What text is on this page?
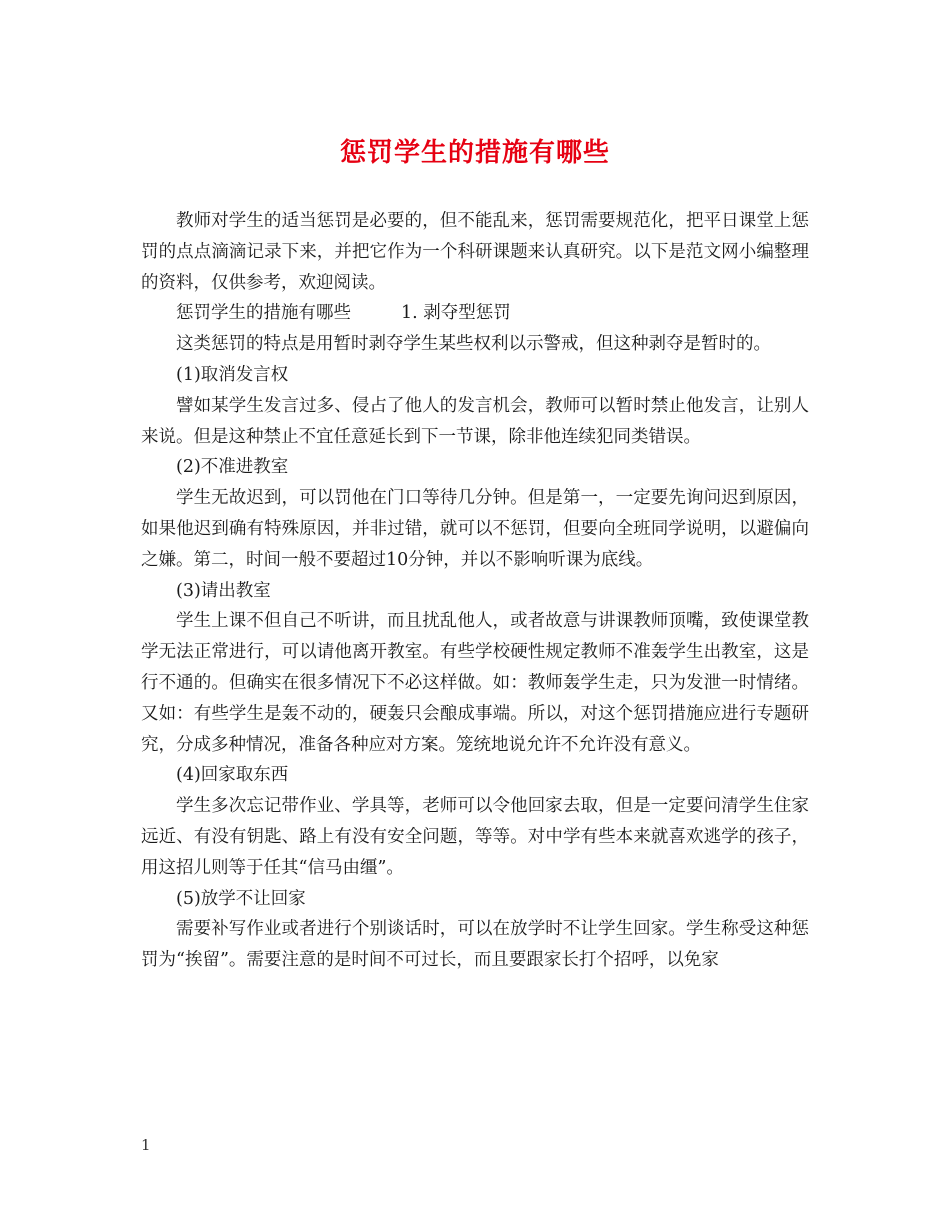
惩罚学生的措施有哪些

教师对学生的适当惩罚是必要的，但不能乱来，惩罚需要规范化，把平日课堂上惩罚的点点滴滴记录下来，并把它作为一个科研课题来认真研究。以下是范文网小编整理的资料，仅供参考，欢迎阅读。

惩罚学生的措施有哪些	1. 剥夺型惩罚

这类惩罚的特点是用暂时剥夺学生某些权利以示警戒，但这种剥夺是暂时的。

(1)取消发言权

譬如某学生发言过多、侵占了他人的发言机会，教师可以暂时禁止他发言，让别人来说。但是这种禁止不宜任意延长到下一节课，除非他连续犯同类错误。

(2)不准进教室

学生无故迟到，可以罚他在门口等待几分钟。但是第一，一定要先询问迟到原因，如果他迟到确有特殊原因，并非过错，就可以不惩罚，但要向全班同学说明，以避偏向之嫌。第二，时间一般不要超过10分钟，并以不影响听课为底线。

(3)请出教室

学生上课不但自己不听讲，而且扰乱他人，或者故意与讲课教师顶嘴，致使课堂教学无法正常进行，可以请他离开教室。有些学校硬性规定教师不准轰学生出教室，这是行不通的。但确实在很多情况下不必这样做。如：教师轰学生走，只为发泄一时情绪。又如：有些学生是轰不动的，硬轰只会酿成事端。所以，对这个惩罚措施应进行专题研究，分成多种情况，准备各种应对方案。笼统地说允许不允许没有意义。

(4)回家取东西

学生多次忘记带作业、学具等，老师可以令他回家去取，但是一定要问清学生住家远近、有没有钥匙、路上有没有安全问题，等等。对中学有些本来就喜欢逃学的孩子，用这招儿则等于任其“信马由缰”。

(5)放学不让回家

需要补写作业或者进行个别谈话时，可以在放学时不让学生回家。学生称受这种惩罚为“挨留”。需要注意的是时间不可过长，而且要跟家长打个招呼，以免家

1
